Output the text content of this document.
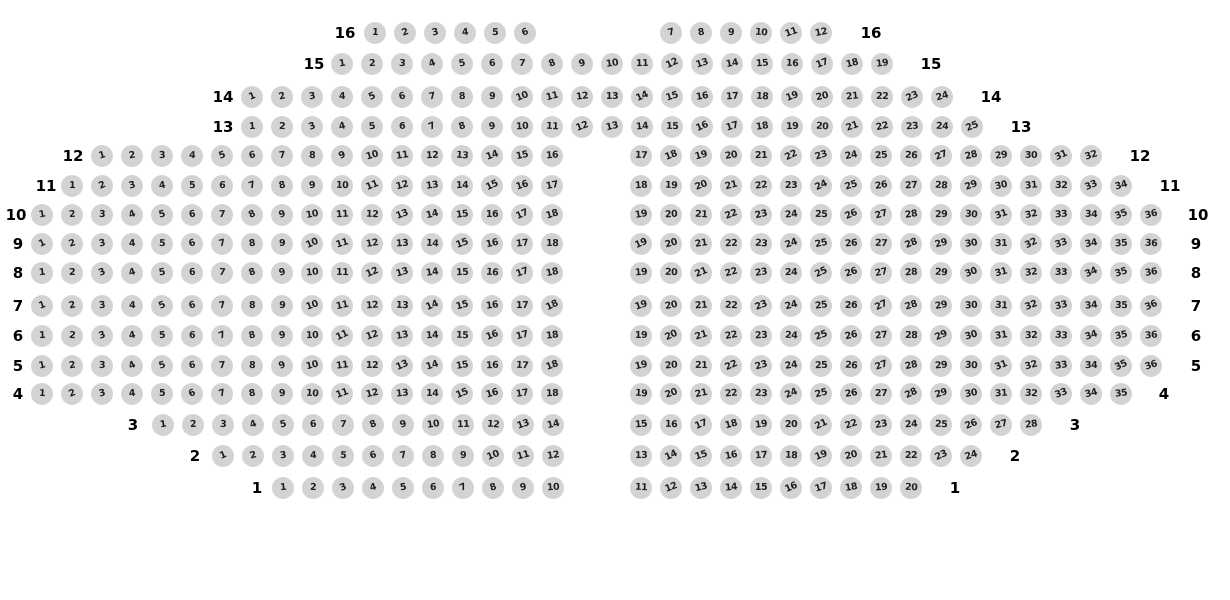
16	16
1 2 3 4 5 6	7 8 9 10 11 12
15	15
1 2 3 4 5 6 7 8 9 10 11 12 13 14 15 16 17 18 19
14	14
1 2 3 4 5 6 7 8 9 10 11 12 13 14 15 16 17 18 19 20 21 22 23 24
13	13
1 2 3 4 5 6 7 8 9 10 11 12 13 14 15 16 17 18 19 20 21 22 23 24 25
12	12
1 2 3 4 5 6 7 8 9 10 11 12 13 14 15 16	17 18 19 20 21 22 23 24 25 26 27 28 29 30 31 32
11	11
1 2 3 4 5 6 7 8 9 10 11 12 13 14 15 16 17	18 19 20 21 22 23 24 25 26 27 28 29 30 31 32 33 34
10	10
1 2 3 4 5 6 7 8 9 10 11 12 13 14 15 16 17 18	19 20 21 22 23 24 25 26 27 28 29 30 31 32 33 34 35 36
9	9
1 2 3 4 5 6 7 8 9 10 11 12 13 14 15 16 17 18	19 20 21 22 23 24 25 26 27 28 29 30 31 32 33 34 35 36
8	8
1 2 3 4 5 6 7 8 9 10 11 12 13 14 15 16 17 18	19 20 21 22 23 24 25 26 27 28 29 30 31 32 33 34 35 36
7	7
1 2 3 4 5 6 7 8 9 10 11 12 13 14 15 16 17 18	19 20 21 22 23 24 25 26 27 28 29 30 31 32 33 34 35 36
6	6
1 2 3 4 5 6 7 8 9 10 11 12 13 14 15 16 17 18	19 20 21 22 23 24 25 26 27 28 29 30 31 32 33 34 35 36
5	5
1 2 3 4 5 6 7 8 9 10 11 12 13 14 15 16 17 18	19 20 21 22 23 24 25 26 27 28 29 30 31 32 33 34 35 36
4	4
1 2 3 4 5 6 7 8 9 10 11 12 13 14 15 16 17 18	19 20 21 22 23 24 25 26 27 28 29 30 31 32 33 34 35
3	3
1 2 3 4 5 6 7 8 9 10 11 12 13 14	15 16 17 18 19 20 21 22 23 24 25 26 27 28
2	2
1 2 3 4 5 6 7 8 9 10 11 12	13 14 15 16 17 18 19 20 21 22 23 24
1	1
1 2 3 4 5 6 7 8 9 10	11 12 13 14 15 16 17 18 19 20
